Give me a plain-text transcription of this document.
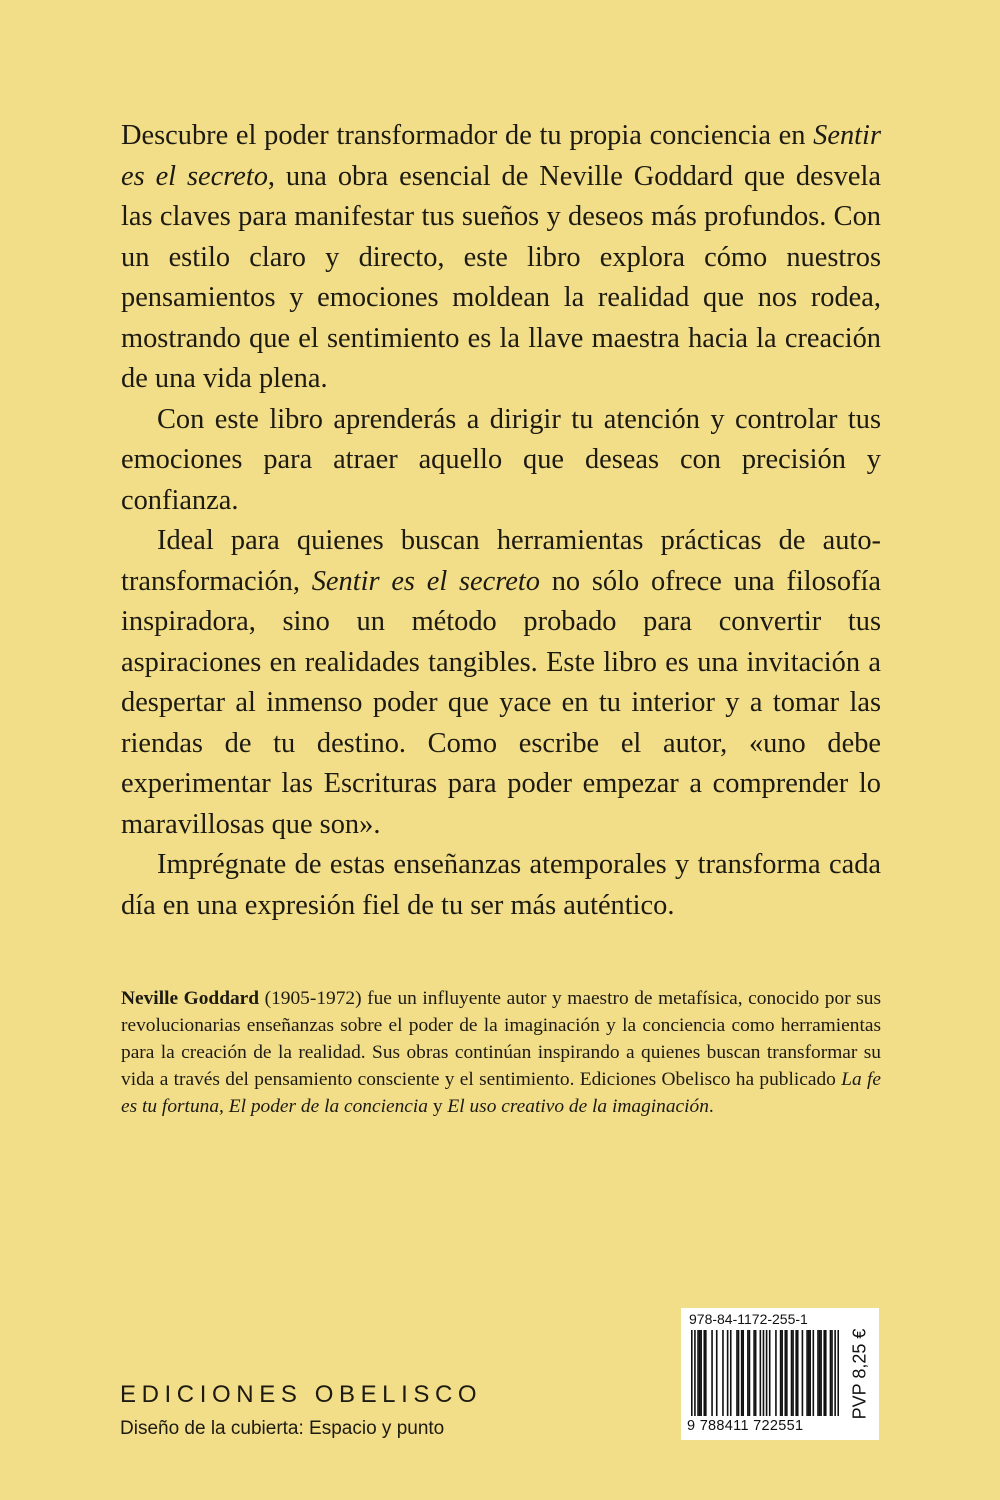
Descubre el poder transformador de tu propia conciencia en Sentir es el secreto, una obra esencial de Neville Goddard que desvela las claves para manifestar tus sueños y deseos más profundos. Con un estilo claro y directo, este libro explora cómo nuestros pensamientos y emociones moldean la realidad que nos rodea, mostrando que el sentimiento es la llave maestra hacia la creación de una vida plena.

Con este libro aprenderás a dirigir tu atención y controlar tus emociones para atraer aquello que deseas con precisión y confianza.

Ideal para quienes buscan herramientas prácticas de autotransformación, Sentir es el secreto no sólo ofrece una filosofía inspiradora, sino un método probado para convertir tus aspiraciones en realidades tangibles. Este libro es una invitación a despertar al inmenso poder que yace en tu interior y a tomar las riendas de tu destino. Como escribe el autor, «uno debe experimentar las Escrituras para poder empezar a comprender lo maravillosas que son».

Imprégnate de estas enseñanzas atemporales y transforma cada día en una expresión fiel de tu ser más auténtico.

Neville Goddard (1905-1972) fue un influyente autor y maestro de metafísica, conocido por sus revolucionarias enseñanzas sobre el poder de la imaginación y la conciencia como herramientas para la creación de la realidad. Sus obras continúan inspirando a quienes buscan transformar su vida a través del pensamiento consciente y el sentimiento. Ediciones Obelisco ha publicado La fe es tu fortuna, El poder de la conciencia y El uso creativo de la imaginación.

EDICIONES OBELISCO
Diseño de la cubierta: Espacio y punto
978-84-1172-255-1
9 788411 722551
PVP 8,25 €
